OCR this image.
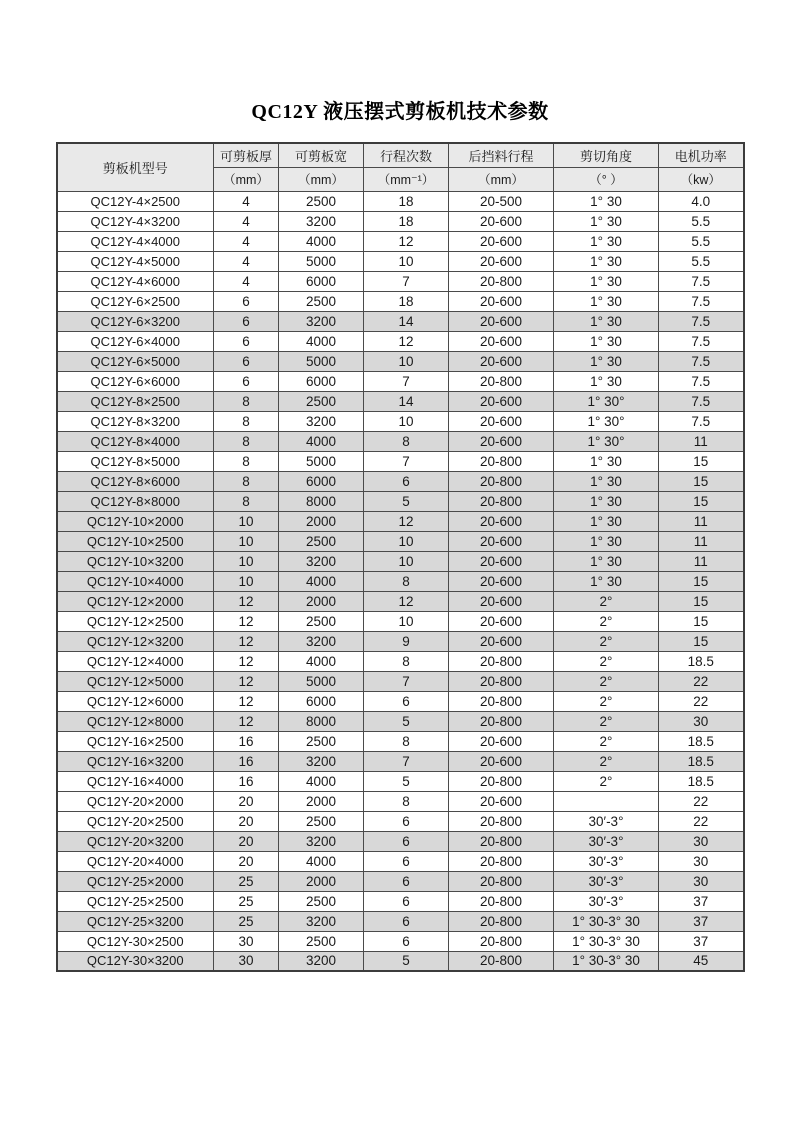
QC12Y 液压摆式剪板机技术参数
剪板机型号	可剪板厚	可剪板宽	行程次数	后挡料行程	剪切角度	电机功率
	（mm）	（mm）	（mm⁻¹）	（mm）	（° ）	（kw）
QC12Y-4×2500	4	2500	18	20-500	1° 30	4.0
QC12Y-4×3200	4	3200	18	20-600	1° 30	5.5
QC12Y-4×4000	4	4000	12	20-600	1° 30	5.5
QC12Y-4×5000	4	5000	10	20-600	1° 30	5.5
QC12Y-4×6000	4	6000	7	20-800	1° 30	7.5
QC12Y-6×2500	6	2500	18	20-600	1° 30	7.5
QC12Y-6×3200	6	3200	14	20-600	1° 30	7.5
QC12Y-6×4000	6	4000	12	20-600	1° 30	7.5
QC12Y-6×5000	6	5000	10	20-600	1° 30	7.5
QC12Y-6×6000	6	6000	7	20-800	1° 30	7.5
QC12Y-8×2500	8	2500	14	20-600	1° 30°	7.5
QC12Y-8×3200	8	3200	10	20-600	1° 30°	7.5
QC12Y-8×4000	8	4000	8	20-600	1° 30°	11
QC12Y-8×5000	8	5000	7	20-800	1° 30	15
QC12Y-8×6000	8	6000	6	20-800	1° 30	15
QC12Y-8×8000	8	8000	5	20-800	1° 30	15
QC12Y-10×2000	10	2000	12	20-600	1° 30	11
QC12Y-10×2500	10	2500	10	20-600	1° 30	11
QC12Y-10×3200	10	3200	10	20-600	1° 30	11
QC12Y-10×4000	10	4000	8	20-600	1° 30	15
QC12Y-12×2000	12	2000	12	20-600	2°	15
QC12Y-12×2500	12	2500	10	20-600	2°	15
QC12Y-12×3200	12	3200	9	20-600	2°	15
QC12Y-12×4000	12	4000	8	20-800	2°	18.5
QC12Y-12×5000	12	5000	7	20-800	2°	22
QC12Y-12×6000	12	6000	6	20-800	2°	22
QC12Y-12×8000	12	8000	5	20-800	2°	30
QC12Y-16×2500	16	2500	8	20-600	2°	18.5
QC12Y-16×3200	16	3200	7	20-600	2°	18.5
QC12Y-16×4000	16	4000	5	20-800	2°	18.5
QC12Y-20×2000	20	2000	8	20-600		22
QC12Y-20×2500	20	2500	6	20-800	30′-3°	22
QC12Y-20×3200	20	3200	6	20-800	30′-3°	30
QC12Y-20×4000	20	4000	6	20-800	30′-3°	30
QC12Y-25×2000	25	2000	6	20-800	30′-3°	30
QC12Y-25×2500	25	2500	6	20-800	30′-3°	37
QC12Y-25×3200	25	3200	6	20-800	1° 30-3° 30	37
QC12Y-30×2500	30	2500	6	20-800	1° 30-3° 30	37
QC12Y-30×3200	30	3200	5	20-800	1° 30-3° 30	45
